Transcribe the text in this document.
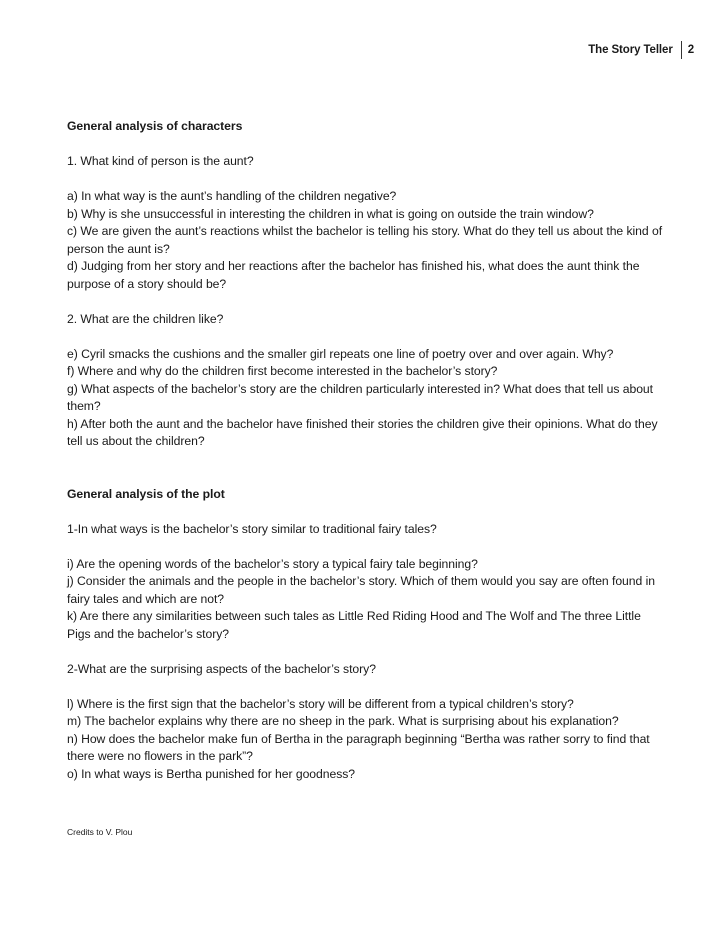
The Story Teller 2

General analysis of characters

1. What kind of person is the aunt?

a) In what way is the aunt’s handling of the children negative?

b) Why is she unsuccessful in interesting the children in what is going on outside the train window?

c) We are given the aunt’s reactions whilst the bachelor is telling his story. What do they tell us about the kind of person the aunt is?

d) Judging from her story and her reactions after the bachelor has finished his, what does the aunt think the purpose of a story should be?

2. What are the children like?

e) Cyril smacks the cushions and the smaller girl repeats one line of poetry over and over again. Why?

f) Where and why do the children first become interested in the bachelor’s story?

g) What aspects of the bachelor’s story are the children particularly interested in? What does that tell us about them?

h) After both the aunt and the bachelor have finished their stories the children give their opinions. What do they tell us about the children?

General analysis of the plot

1-In what ways is the bachelor’s story similar to traditional fairy tales?

i) Are the opening words of the bachelor’s story a typical fairy tale beginning?

j) Consider the animals and the people in the bachelor’s story. Which of them would you say are often found in fairy tales and which are not?

k) Are there any similarities between such tales as Little Red Riding Hood and The Wolf and The three Little Pigs and the bachelor’s story?

2-What are the surprising aspects of the bachelor’s story?

l) Where is the first sign that the bachelor’s story will be different from a typical children’s story?

m) The bachelor explains why there are no sheep in the park. What is surprising about his explanation?

n) How does the bachelor make fun of Bertha in the paragraph beginning “Bertha was rather sorry to find that there were no flowers in the park”?

o) In what ways is Bertha punished for her goodness?

Credits to V. Plou
